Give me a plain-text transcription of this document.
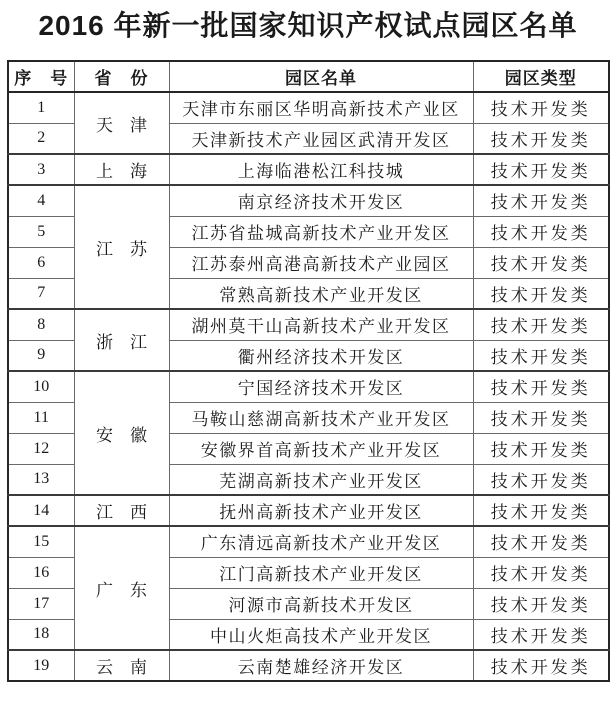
2016 年新一批国家知识产权试点园区名单
序　号	省　份	园区名单	园区类型
1	天　津	天津市东丽区华明高新技术产业区	技术开发类
2		天津新技术产业园区武清开发区	技术开发类
3	上　海	上海临港松江科技城	技术开发类
4	江　苏	南京经济技术开发区	技术开发类
5		江苏省盐城高新技术产业开发区	技术开发类
6		江苏泰州高港高新技术产业园区	技术开发类
7		常熟高新技术产业开发区	技术开发类
8	浙　江	湖州莫干山高新技术产业开发区	技术开发类
9		衢州经济技术开发区	技术开发类
10	安　徽	宁国经济技术开发区	技术开发类
11		马鞍山慈湖高新技术产业开发区	技术开发类
12		安徽界首高新技术产业开发区	技术开发类
13		芜湖高新技术产业开发区	技术开发类
14	江　西	抚州高新技术产业开发区	技术开发类
15	广　东	广东清远高新技术产业开发区	技术开发类
16		江门高新技术产业开发区	技术开发类
17		河源市高新技术开发区	技术开发类
18		中山火炬高技术产业开发区	技术开发类
19	云　南	云南楚雄经济开发区	技术开发类
